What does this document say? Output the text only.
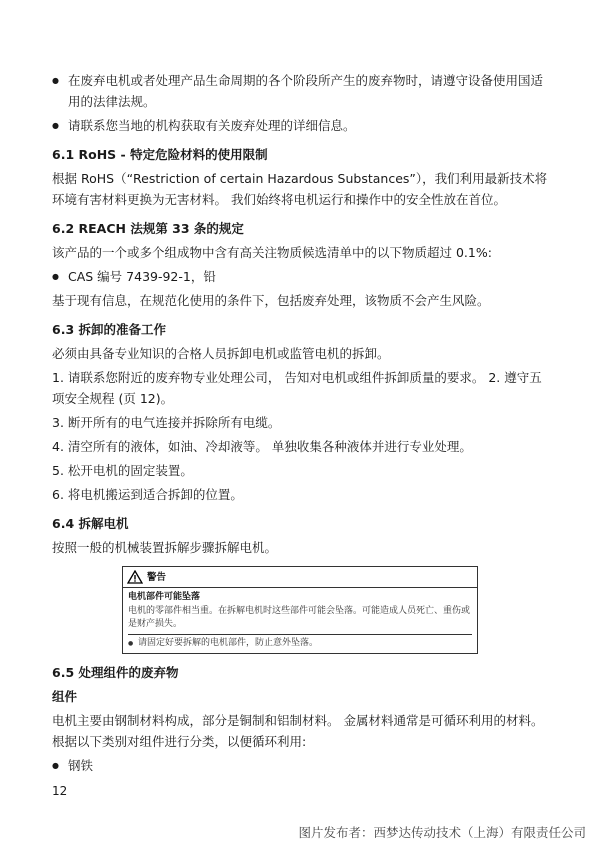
● 在废弃电机或者处理产品生命周期的各个阶段所产生的废弃物时，请遵守设备使用国适用的法律法规。
● 请联系您当地的机构获取有关废弃处理的详细信息。
6.1 RoHS - 特定危险材料的使用限制
根据 RoHS（“Restriction of certain Hazardous Substances”），我们利用最新技术将环境有害材料更换为无害材料。 我们始终将电机运行和操作中的安全性放在首位。
6.2 REACH 法规第 33 条的规定
该产品的一个或多个组成物中含有高关注物质候选清单中的以下物质超过 0.1%:
● CAS 编号 7439-92-1，铅
基于现有信息，在规范化使用的条件下，包括废弃处理，该物质不会产生风险。
6.3 拆卸的准备工作
必须由具备专业知识的合格人员拆卸电机或监管电机的拆卸。
1. 请联系您附近的废弃物专业处理公司， 告知对电机或组件拆卸质量的要求。 2. 遵守五项安全规程 (页 12)。
3. 断开所有的电气连接并拆除所有电缆。
4. 清空所有的液体，如油、冷却液等。 单独收集各种液体并进行专业处理。
5. 松开电机的固定装置。
6. 将电机搬运到适合拆卸的位置。
6.4 拆解电机
按照一般的机械装置拆解步骤拆解电机。
警告
电机部件可能坠落
电机的零部件相当重。在拆解电机时这些部件可能会坠落。可能造成人员死亡、重伤或是财产损失。
● 请固定好要拆解的电机部件，防止意外坠落。
6.5 处理组件的废弃物
组件
电机主要由钢制材料构成，部分是铜制和铝制材料。 金属材料通常是可循环利用的材料。 根据以下类别对组件进行分类，以便循环利用:
● 钢铁
12
图片发布者：西梦达传动技术（上海）有限责任公司
